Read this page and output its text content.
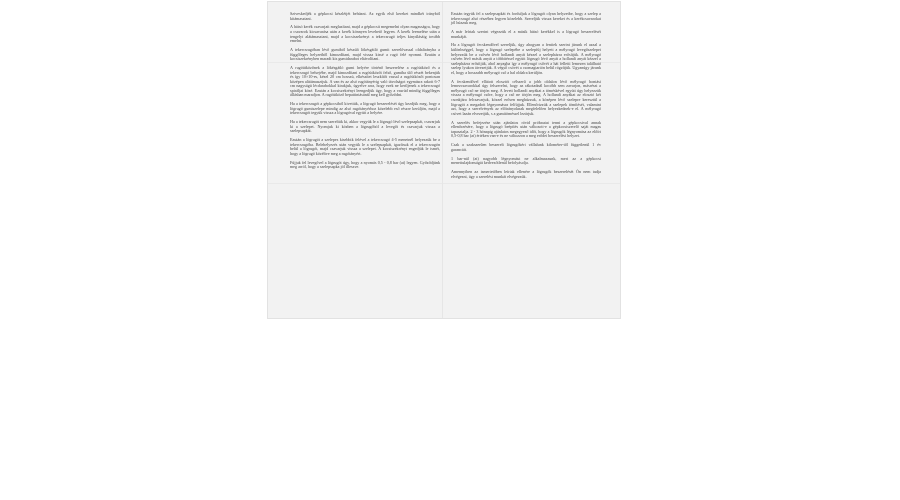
Sziveskedjék a gépkocsi készlétjét behúzni. Az egyik első kereket mindkét irányból kitámasztani.

A hátsó kerék csavarjait meglazítani, majd a gépkocsit megemelni olyan magasságra, hogy a csavarok kicsavarása után a kerék könnyen levehető legyen. A kerék leemelése után a tengelyt alátámasztani, majd a kocsiszekrényt a tekercsrugó teljes kinyúlásáig tovább emelni.

A tekercsrugóban lévő gumiból készült lökésgátló gumit szerelővassal oldalirányba a függőleges helyzetből kimozdítani, majd vissza kissé a rugó felé nyomni. Ezután a kocsiszekrényben maradt kis gumidarabot eltávolítani.

A rugóütközőnek a lökésgátló gumi helyére történő beszerelése a rugóütköző és a tekercsrugó belsejébe, majd kimozdítani a rugóütközőt felső, gumiba ülő részét bekenjük és így 10×10-es, kézel 20 cm hosszú, elkészítet leszkítőt vassal a rugóütközőt pontosan középen alátámasztjuk. A van és az alsó rugótányérig való távolságot egymásra rakott 6-7 cm nagyságú lécdarabokkal kirakjuk, ügyelve arra, hogy ezek ne keriljenek a tekercsrugó spiráljai közé. Ezután a kocsiszekrényt leengedjük úgy, hogy a vasrúd mindig függőleges állásban maradjon. A rugóütköző bepattintásánál meg kell győződni.

Ha a tekercsrugót a gépkocsiból kivettük, a lögrugó beszerelését úgy kezdjük meg, hogy a lögrugó gumiszelepe mindig az alsó rugótányérhoz közelebb eső részre kerüljön, majd a tekercsrugót tegyük vissza a lögrugóval együtt a helyére.

Ha a tekercsrugót nem szereltük ki, akkor vegyük le a lögrugó lévő szelepsapkát, csavarjuk ki a szelepet. Nyomjuk ki közben a lögrugóból a levegőt és csavarjuk vissza a szelepsapkát.

Ezután a lögrugót a szelepes kisebbik felével a tekercsrugó 4-5 menetnél helyezzük be a tekercsrugóba. Belehelyezés után vegyük le a szelepsapkát, igazítsuk el a tekercsrugón belül a lögrugót, majd csavarjuk vissza a szelepet. A kocsiszekrényt engedjük le ismét, hogy a lögrugó közéltve meg a rugótányért.

Fújjuk fel levegővel a lögrugót úgy, hogy a nyomás 0,5 - 0,8 bar (at) legyen. Győződjünk meg arról, hogy a szelepsapka jól illeszve.

Ezután tegyük fel a szelepsapkát és forduljuk a lögrugót olyan helyzetbe, hogy a szelep a tekercsrugó alsó részéhez legyen közelebb. Szereljük vissza kereket és a kerékcsavarokat jól húzzuk meg.

A már leírtak szerint végezzük el a másik hátsó kerékkel is a lögrugó beszerelését munkáját.

Ha a lögrugót fecskendővel szereljük, úgy ahogyan a fentiek szerint járunk el azzal a különbséggel, hogy a lögrugó szelepébe a szelepfúj helyett a mélyrugó levegőszelepet helyezzük be a csővén lévő hollandi anyát kézzel a szelepházra erősítjük. A mélyrugó csővén lévő másik anyát a többitéssel együtt lögrugó lévő anyát a hollandi anyát kézzel a szelepházra erősítjük, ahol anyagba így a mélyrugó csővét a hát felletti lemezen található szelep lyukon átvezetjük. A végső csövét a csomagtartón belül rögzítjük. Ugyanúgy járunk el, hogy a hosszabb mélyrugó cső a hal oldalra kerüljön.

A fecskendővel ellátott elosztót célszerű a jobb oldalon lévő mélyrugó bontási lemezcsavarokkal úgy felszerelni, hogy az rákotadnál kocóbb sem zavarjon, másrészt a mélyrugó cső ne törjön meg. A levett hollandi anyákat a töméskével együtt úgy helyezzük vissza a mélyrugó csőre, hogy a cső ne törjön meg. A hollandi anyákat az elosztó két csonkjára felcsavarjuk, közzel erősen meghúzzuk, a középen lévő szelepre keresztül a lögrugót a megadott légnyomásra felfújjuk. Ellenőrizzük a szelepek tömítését, valamint azt, hogy a szerelvények az előirányoknak megfelelően helyezkednek-e el. A mélyrugó csövet lazán elvezetjük, s a gumitöméssel lezárjuk.

A szerelés befejezése után ajánlatos rövid próbautat tenni a gépkocsival annak ellenőrzésére, hogy a lögrugó beépítés után változott-e a gépkocsiszerelő saját magas tapasztalja. 2 - 3 hónapig ajánlatos megegyező időt, hogy a lögrugók légnyomása az előírt 0,5-0,8 bar (at) értéken van-e és ne változzon a meg erődei beszerelési helyzet.

Csak a szakszerűen beszerelt lögrugókért vállalunk kilométer-től függetlenül 1 év garanciát.

1 bar-nál (at) nagyobb légnyomást ne alkalmazzunk, mert az a gépkocsi menettulajdonságát kedvezőtlenül befolyásolja.

Amennyiben az ismertetőben leírtak ellenére a lögrugók beszerelését Ön nem tudja elvégezni, úgy a szerelést munkát elvégezzük.
